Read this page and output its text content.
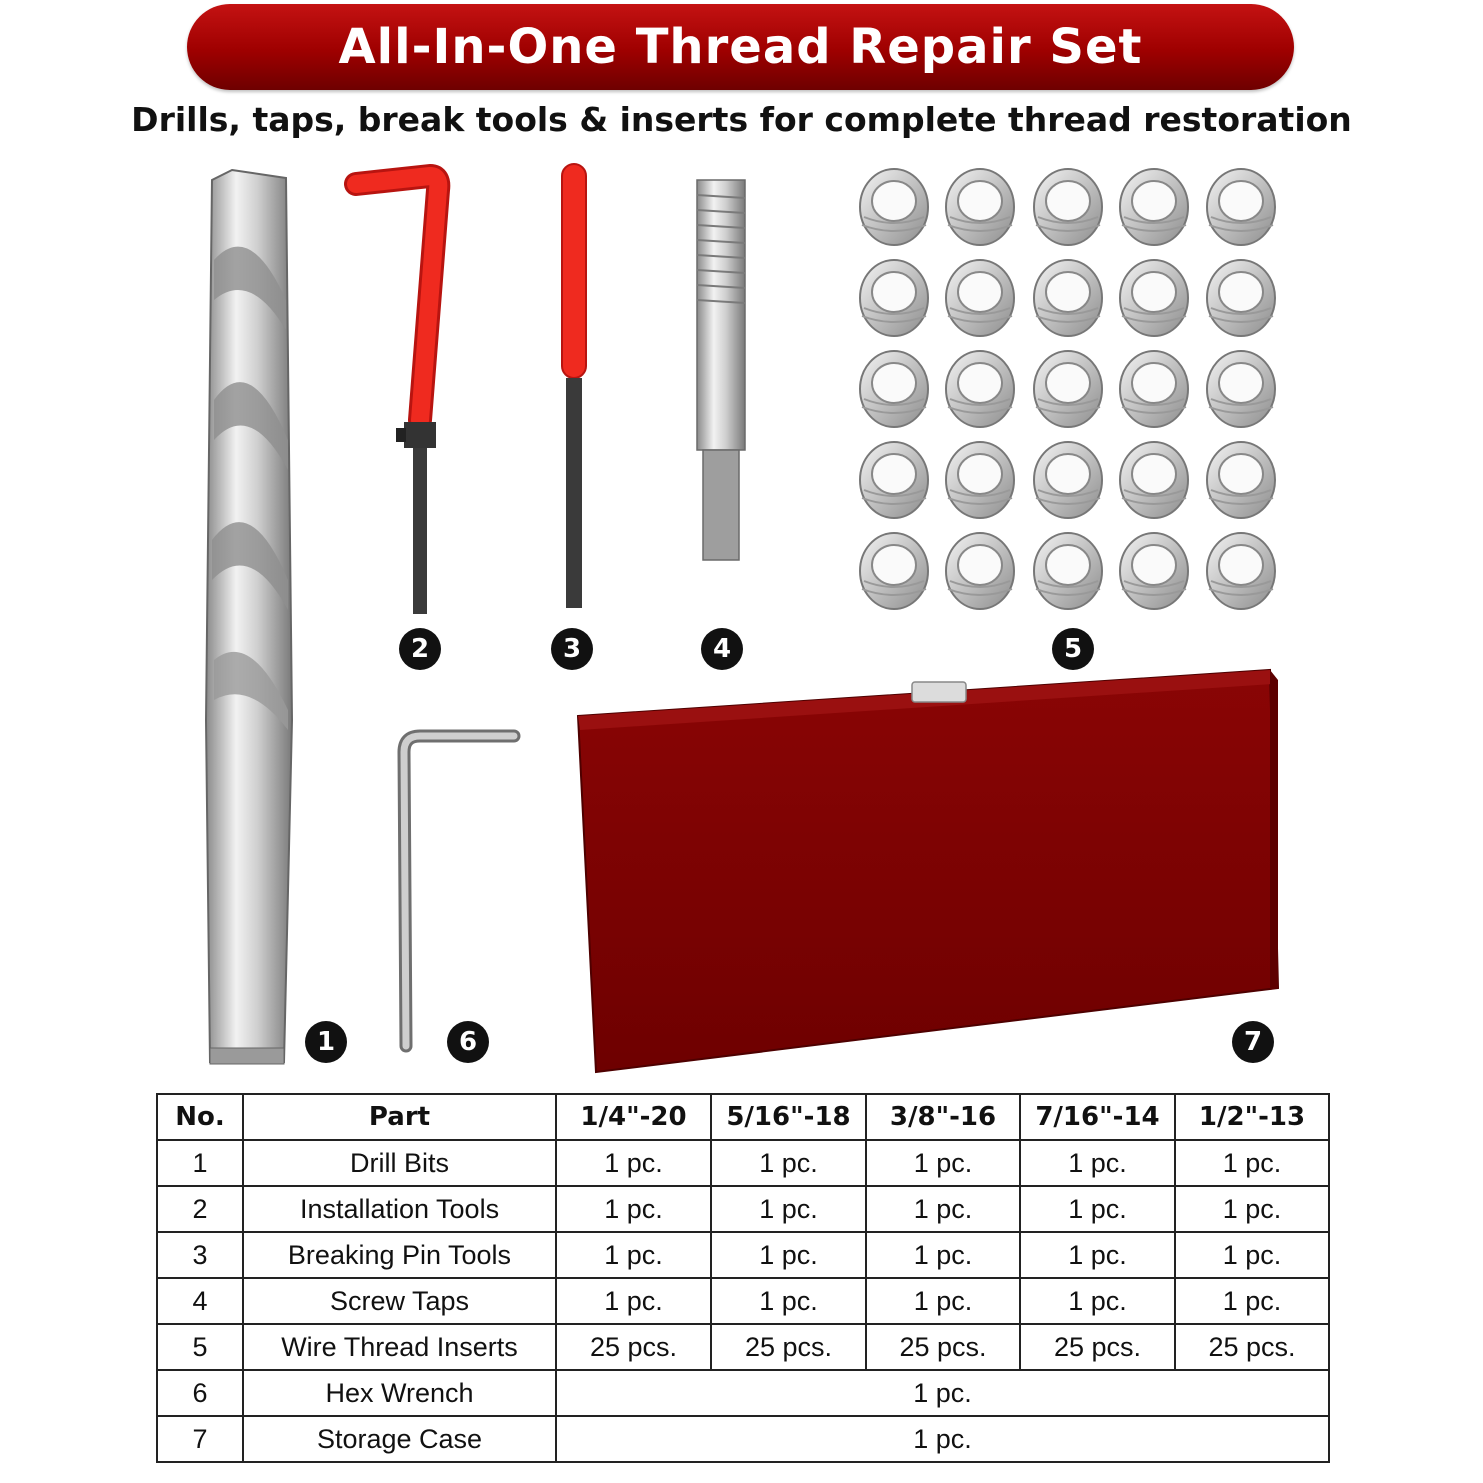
All-In-One Thread Repair Set
Drills, taps, break tools & inserts for complete thread restoration
1
2	3	4	5
6	7
No.	Part	1/4"-20	5/16"-18	3/8"-16	7/16"-14	1/2"-13
1	Drill Bits	1 pc.	1 pc.	1 pc.	1 pc.	1 pc.
2	Installation Tools	1 pc.	1 pc.	1 pc.	1 pc.	1 pc.
3	Breaking Pin Tools	1 pc.	1 pc.	1 pc.	1 pc.	1 pc.
4	Screw Taps	1 pc.	1 pc.	1 pc.	1 pc.	1 pc.
5	Wire Thread Inserts	25 pcs.	25 pcs.	25 pcs.	25 pcs.	25 pcs.
6	Hex Wrench	1 pc.				
7	Storage Case	1 pc.				
